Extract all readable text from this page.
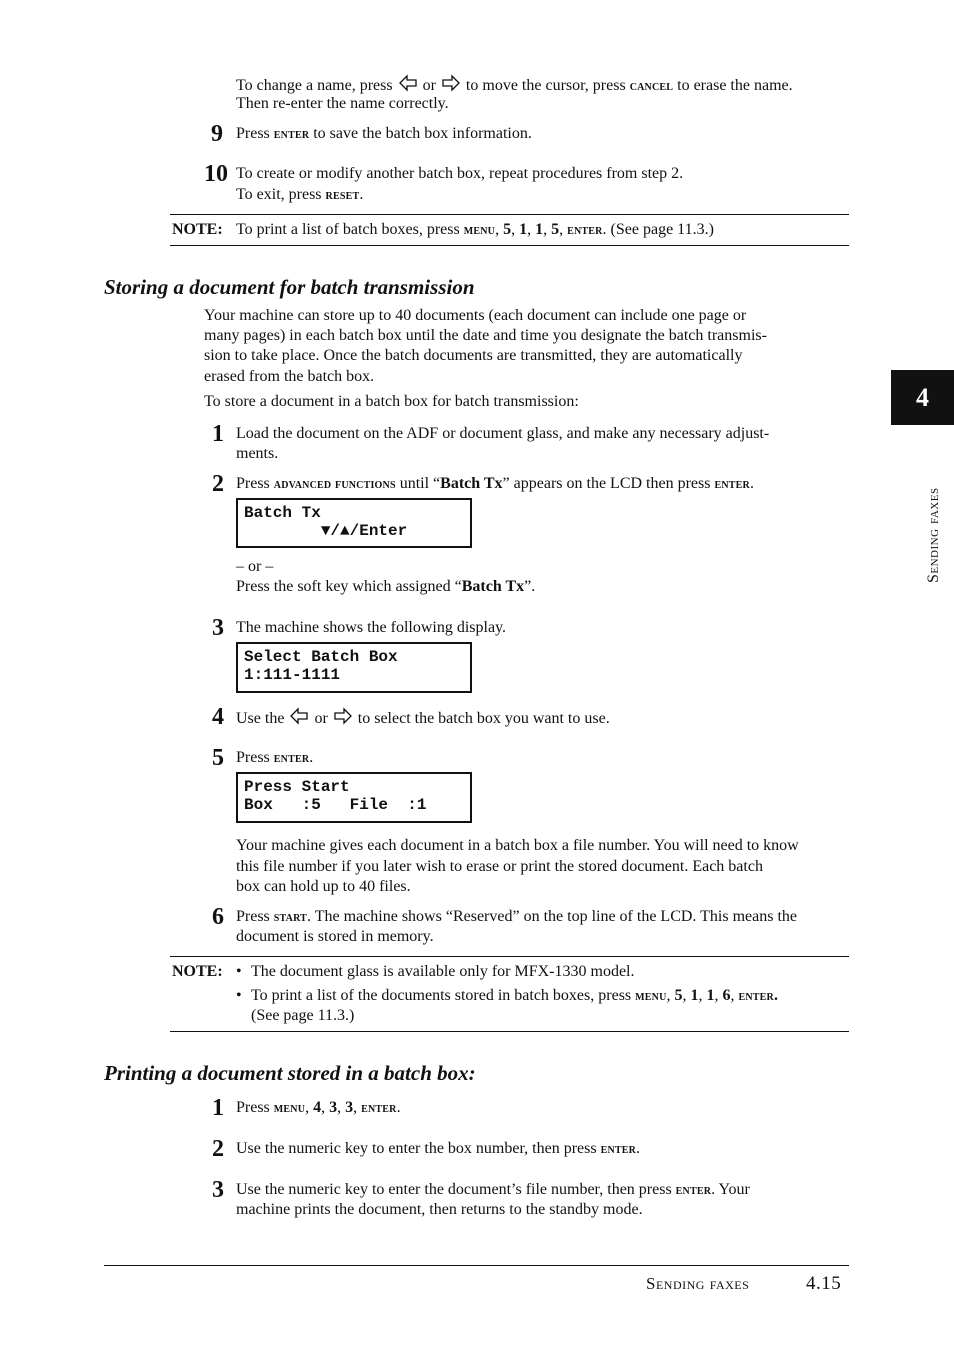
To change a name, press  or  to move the cursor, press cancel to erase the name.
Then re-enter the name correctly.
9 Press enter to save the batch box information.
10 To create or modify another batch box, repeat procedures from step 2.
To exit, press reset.
NOTE: To print a list of batch boxes, press menu, 5, 1, 1, 5, enter. (See page 11.3.)
Storing a document for batch transmission
Your machine can store up to 40 documents (each document can include one page or
many pages) in each batch box until the date and time you designate the batch transmis-
sion to take place. Once the batch documents are transmitted, they are automatically
erased from the batch box.
To store a document in a batch box for batch transmission:
1 Load the document on the ADF or document glass, and make any necessary adjust-
ments.
2 Press advanced functions until “Batch Tx” appears on the LCD then press enter.
Batch Tx
▼/▲/Enter
– or –
Press the soft key which assigned “Batch Tx”.
3 The machine shows the following display.
Select Batch Box
1:111-1111
4 Use the  or  to select the batch box you want to use.
5 Press enter.
Press Start
Box   :5   File  :1
Your machine gives each document in a batch box a file number. You will need to know
this file number if you later wish to erase or print the stored document. Each batch
box can hold up to 40 files.
6 Press start. The machine shows “Reserved” on the top line of the LCD. This means the
document is stored in memory.
NOTE: • The document glass is available only for MFX-1330 model.
• To print a list of the documents stored in batch boxes, press menu, 5, 1, 1, 6, enter.
(See page 11.3.)
Printing a document stored in a batch box:
1 Press menu, 4, 3, 3, enter.
2 Use the numeric key to enter the box number, then press enter.
3 Use the numeric key to enter the document’s file number, then press enter. Your
machine prints the document, then returns to the standby mode.
4
Sending faxes
Sending faxes	4.15
